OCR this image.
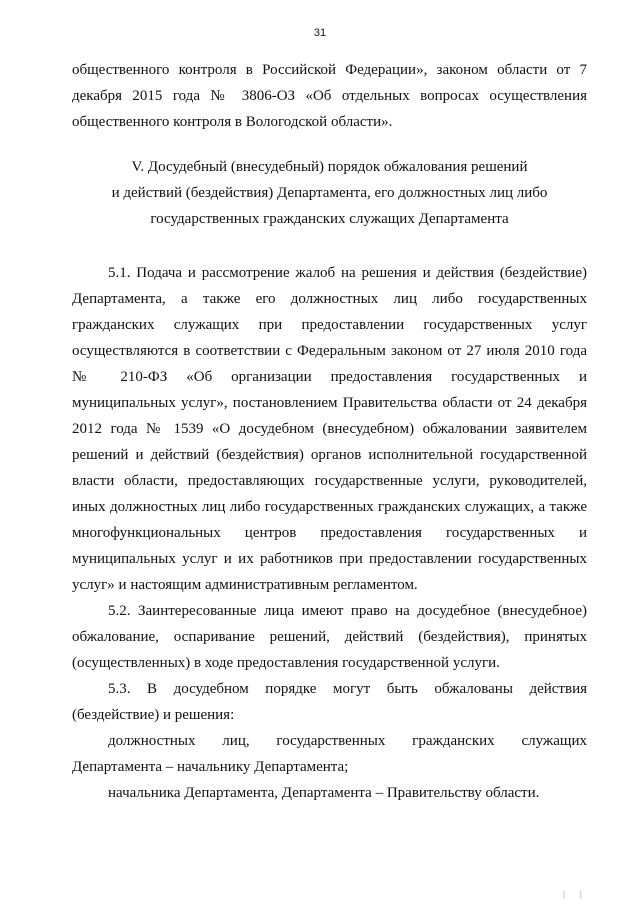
31
общественного контроля в Российской Федерации», законом области от 7
декабря 2015 года № 3806-ОЗ «Об отдельных вопросах осуществления
общественного контроля в Вологодской области».
V. Досудебный (внесудебный) порядок обжалования решений
и действий (бездействия) Департамента, его должностных лиц либо
государственных гражданских служащих Департамента
5.1. Подача и рассмотрение жалоб на решения и действия (бездействие)
Департамента, а также его должностных лиц либо государственных
гражданских служащих при предоставлении государственных услуг
осуществляются в соответствии с Федеральным законом от 27 июля 2010 года
№ 210-ФЗ «Об организации предоставления государственных и
муниципальных услуг», постановлением Правительства области от 24 декабря
2012 года № 1539 «О досудебном (внесудебном) обжаловании заявителем
решений и действий (бездействия) органов исполнительной государственной
власти области, предоставляющих государственные услуги, руководителей,
иных должностных лиц либо государственных гражданских служащих, а также
многофункциональных центров предоставления государственных и
муниципальных услуг и их работников при предоставлении государственных
услуг» и настоящим административным регламентом.
5.2. Заинтересованные лица имеют право на досудебное (внесудебное)
обжалование, оспаривание решений, действий (бездействия), принятых
(осуществленных) в ходе предоставления государственной услуги.
5.3. В досудебном порядке могут быть обжалованы действия
(бездействие) и решения:
должностных лиц, государственных гражданских служащих
Департамента – начальнику Департамента;
начальника Департамента, Департамента – Правительству области.
| |
